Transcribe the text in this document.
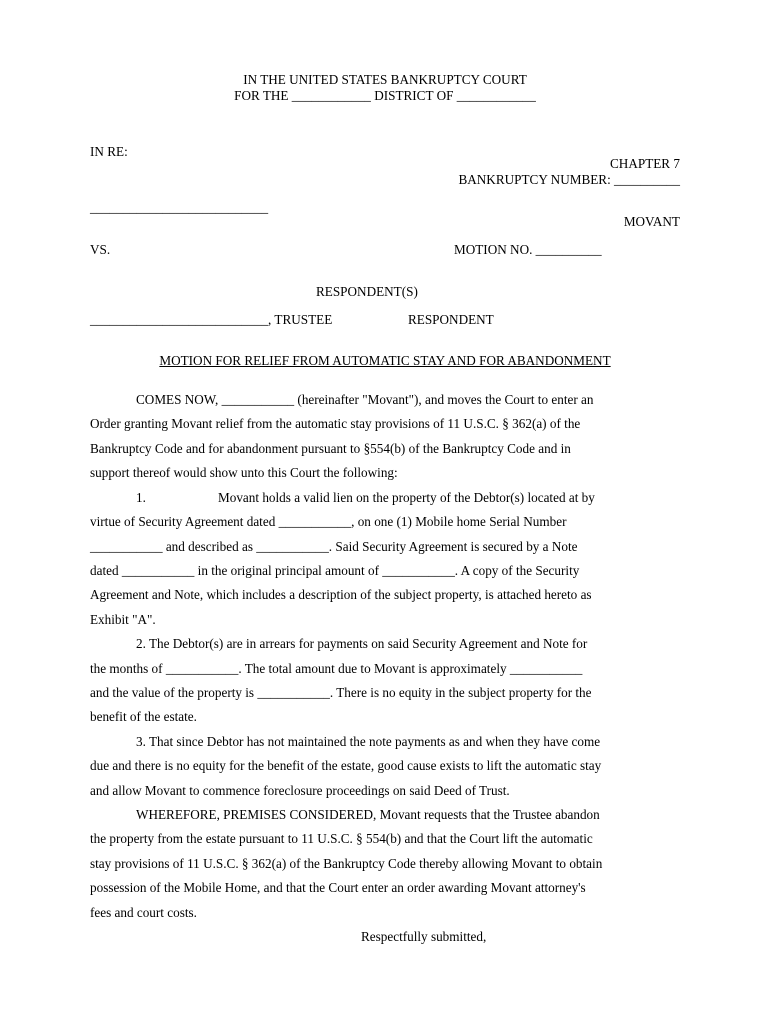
IN THE UNITED STATES BANKRUPTCY COURT
FOR THE ____________ DISTRICT OF ____________
IN RE:
CHAPTER 7
BANKRUPTCY NUMBER: __________
___________________________
MOVANT
VS.	MOTION NO. __________
RESPONDENT(S)
___________________________, TRUSTEE	RESPONDENT
MOTION FOR RELIEF FROM AUTOMATIC STAY AND FOR ABANDONMENT
COMES NOW, ___________ (hereinafter "Movant"), and moves the Court to enter an
Order granting Movant relief from the automatic stay provisions of 11 U.S.C. § 362(a) of the
Bankruptcy Code and for abandonment pursuant to §554(b) of the Bankruptcy Code and in
support thereof would show unto this Court the following:
1.	Movant holds a valid lien on the property of the Debtor(s) located at by
virtue of Security Agreement dated ___________, on one (1) Mobile home Serial Number
___________ and described as ___________. Said Security Agreement is secured by a Note
dated ___________ in the original principal amount of ___________. A copy of the Security
Agreement and Note, which includes a description of the subject property, is attached hereto as
Exhibit "A".
2. The Debtor(s) are in arrears for payments on said Security Agreement and Note for
the months of ___________. The total amount due to Movant is approximately ___________
and the value of the property is ___________. There is no equity in the subject property for the
benefit of the estate.
3. That since Debtor has not maintained the note payments as and when they have come
due and there is no equity for the benefit of the estate, good cause exists to lift the automatic stay
and allow Movant to commence foreclosure proceedings on said Deed of Trust.
WHEREFORE, PREMISES CONSIDERED, Movant requests that the Trustee abandon
the property from the estate pursuant to 11 U.S.C. § 554(b) and that the Court lift the automatic
stay provisions of 11 U.S.C. § 362(a) of the Bankruptcy Code thereby allowing Movant to obtain
possession of the Mobile Home, and that the Court enter an order awarding Movant attorney's
fees and court costs.
Respectfully submitted,
